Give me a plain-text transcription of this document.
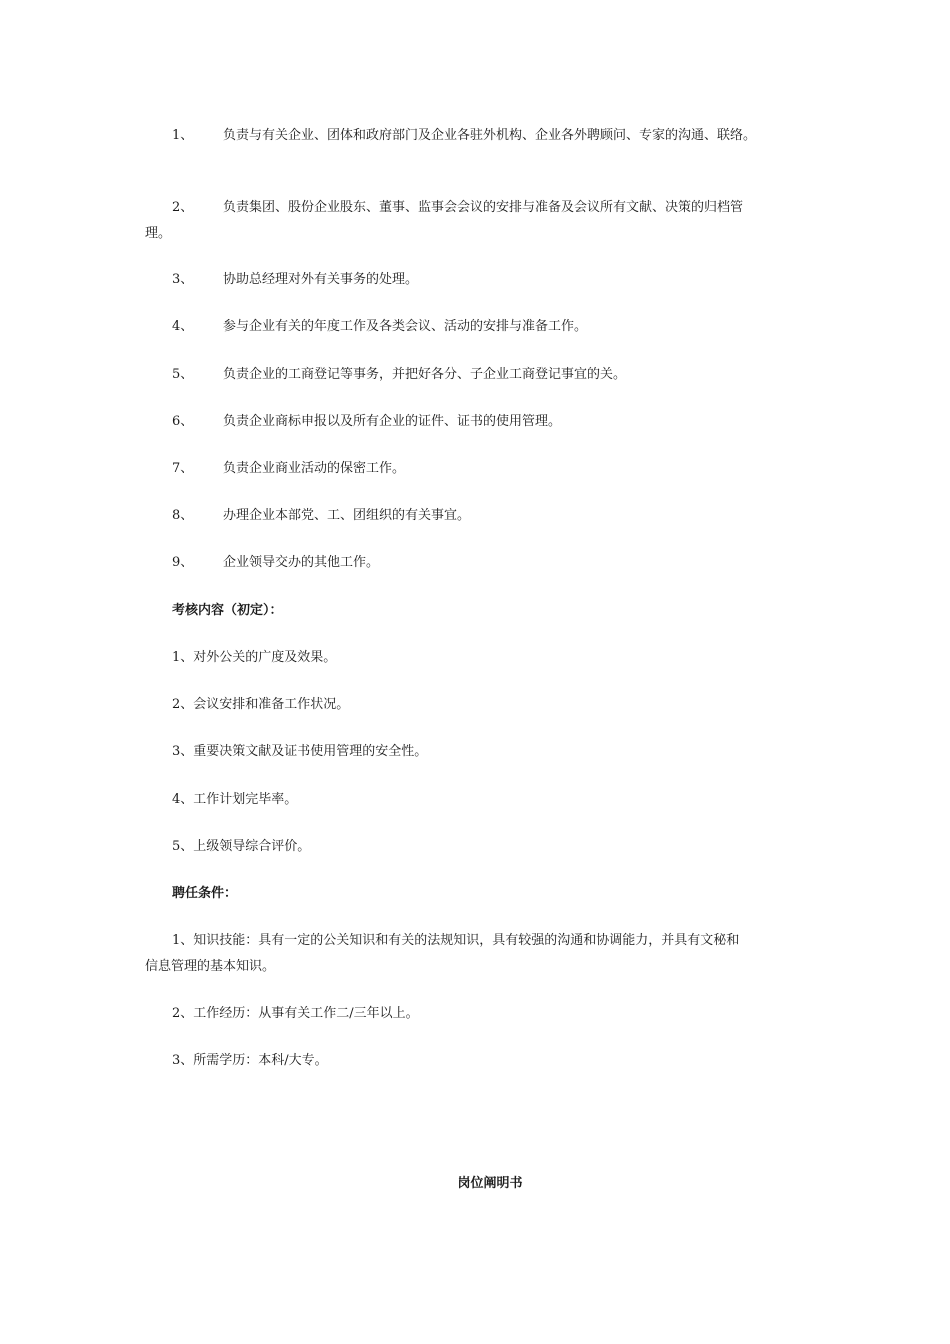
1、 负责与有关企业、团体和政府部门及企业各驻外机构、企业各外聘顾问、专家的沟通、联络。
2、 负责集团、股份企业股东、董事、监事会会议的安排与准备及会议所有文献、决策的归档管
理。
3、 协助总经理对外有关事务的处理。
4、 参与企业有关的年度工作及各类会议、活动的安排与准备工作。
5、 负责企业的工商登记等事务，并把好各分、子企业工商登记事宜的关。
6、 负责企业商标申报以及所有企业的证件、证书的使用管理。
7、 负责企业商业活动的保密工作。
8、 办理企业本部党、工、团组织的有关事宜。
9、 企业领导交办的其他工作。
考核内容（初定）：
1、对外公关的广度及效果。
2、会议安排和准备工作状况。
3、重要决策文献及证书使用管理的安全性。
4、工作计划完毕率。
5、上级领导综合评价。
聘任条件：
1、知识技能：具有一定的公关知识和有关的法规知识，具有较强的沟通和协调能力，并具有文秘和
信息管理的基本知识。
2、工作经历：从事有关工作二/三年以上。
3、所需学历：本科/大专。
岗位阐明书
